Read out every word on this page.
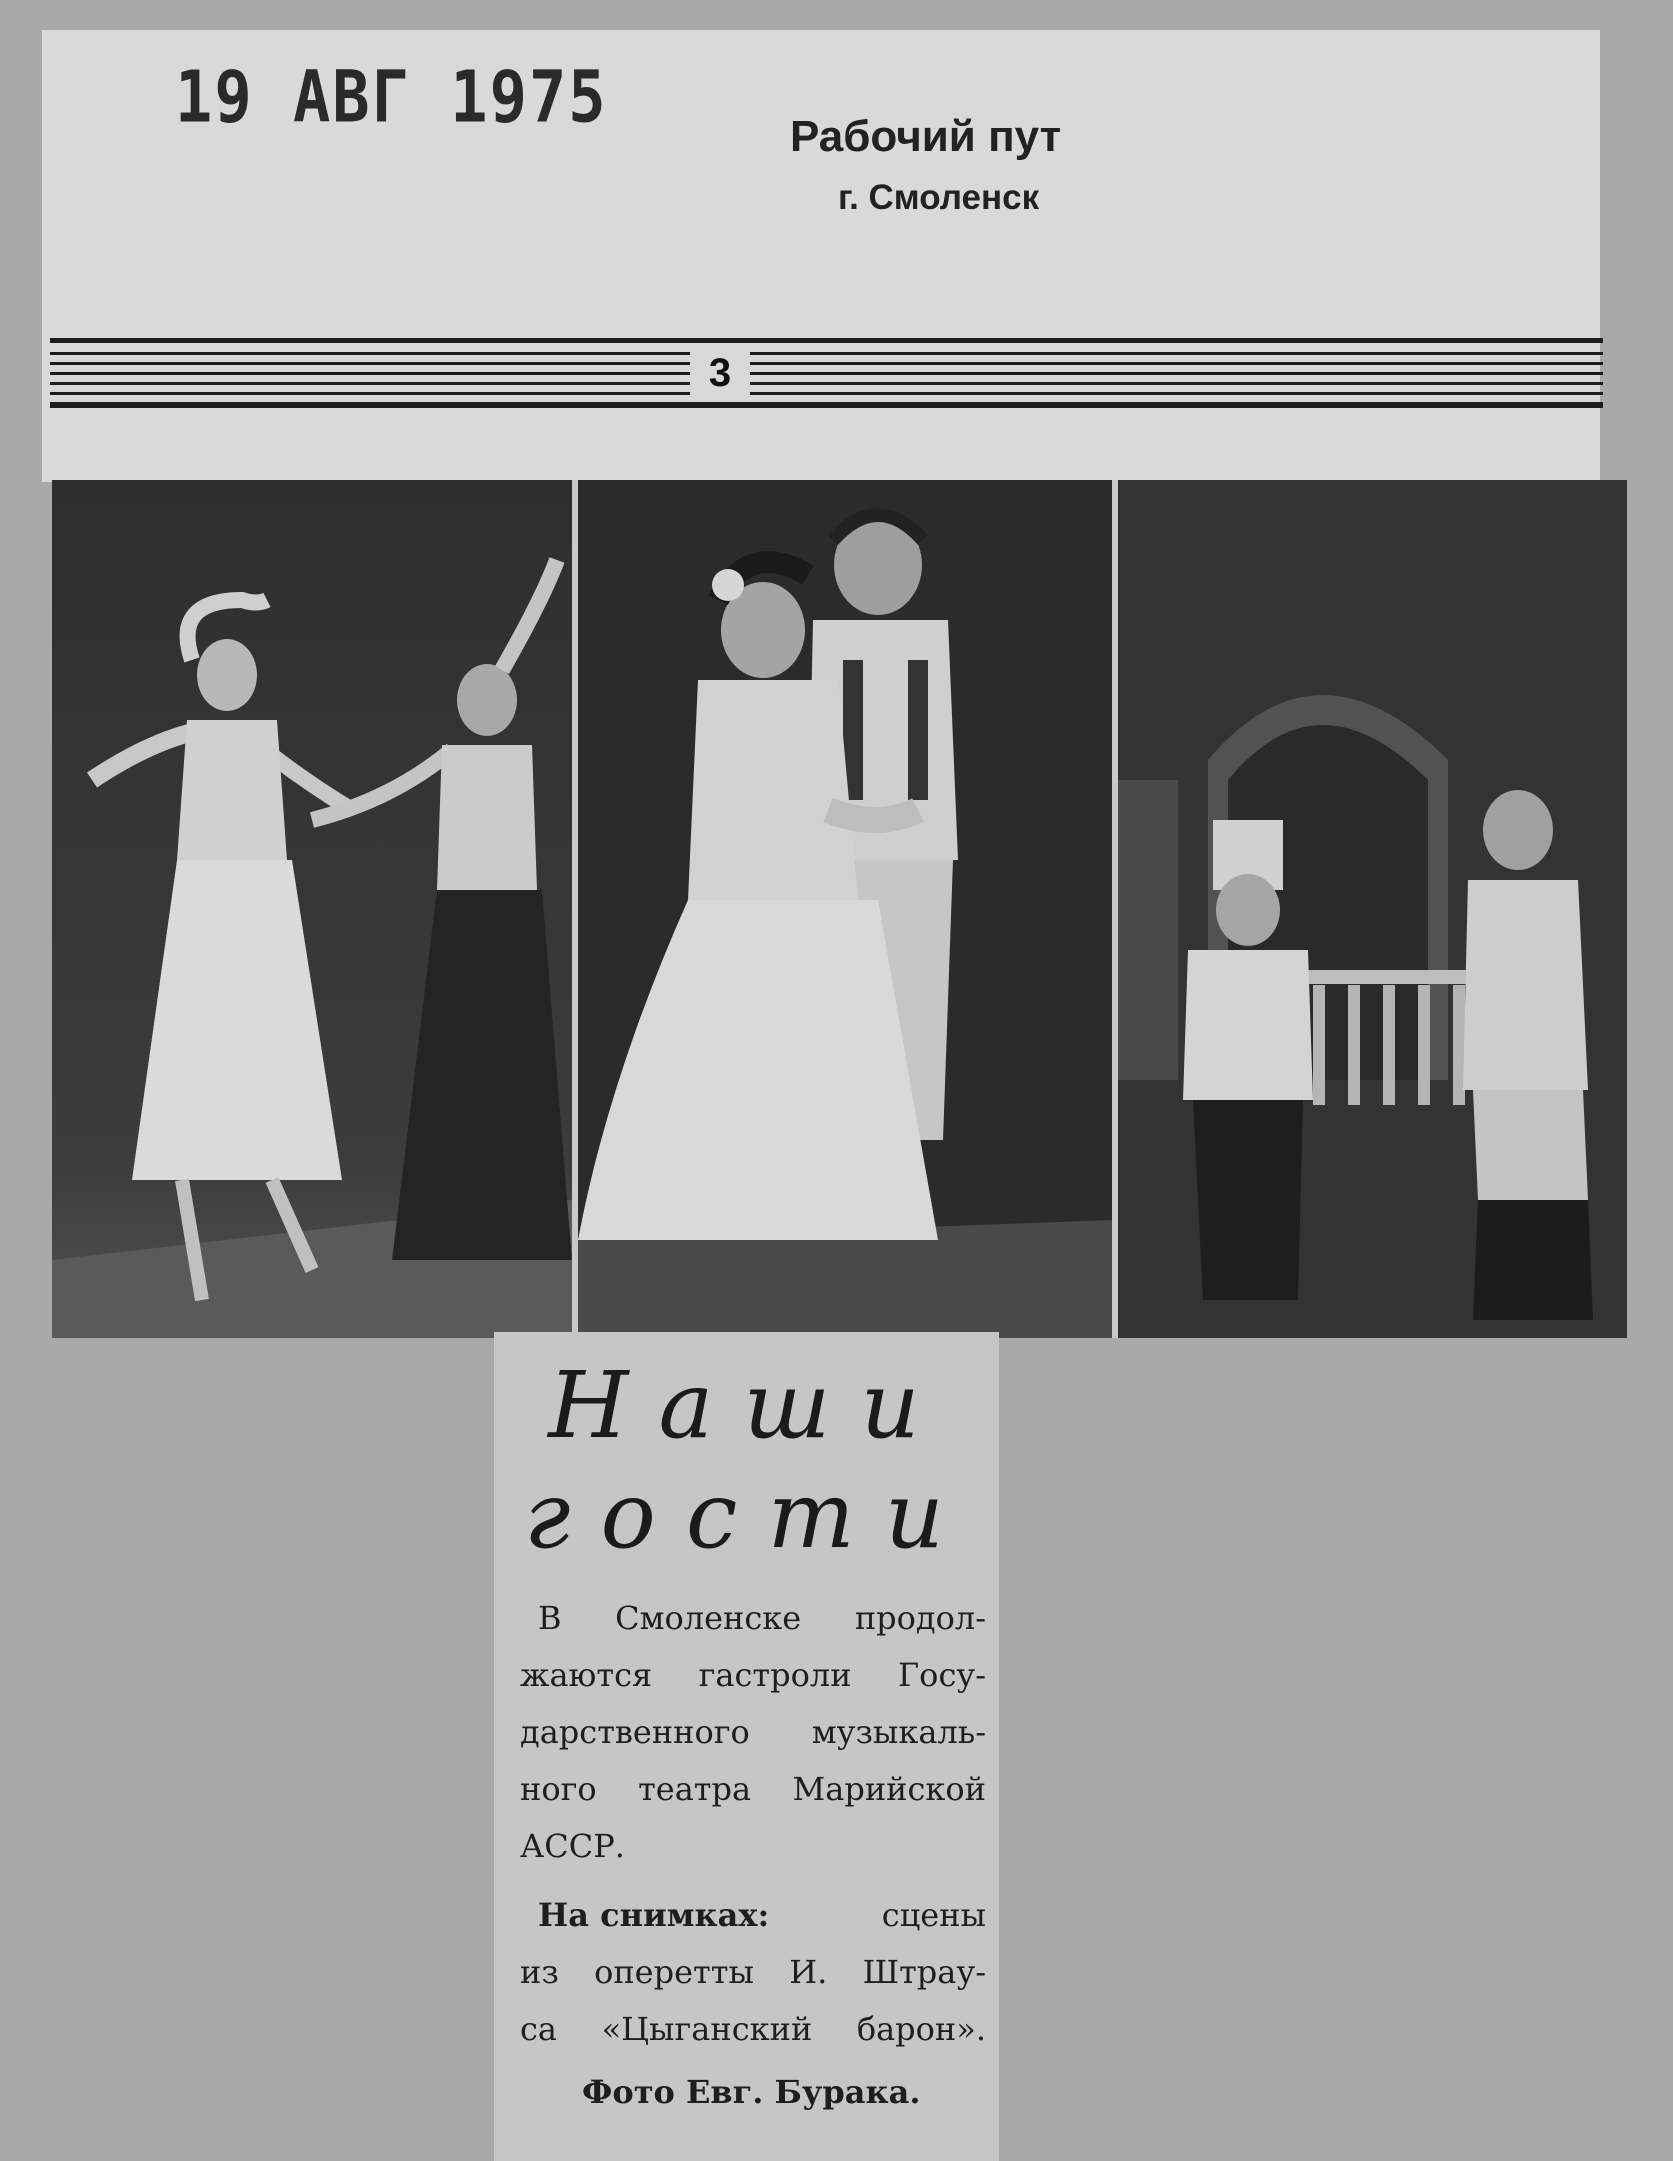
19 АВГ 1975	Рабочий пут
г. Смоленск
3
Наши
гости
В Смоленске продол-
жаются гастроли Госу-
дарственного музыкаль-
ного театра Марийской
АССР.
На снимках:	сцены
из оперетты И. Штрау-
са «Цыганский барон».
Фото Евг. Бурака.
